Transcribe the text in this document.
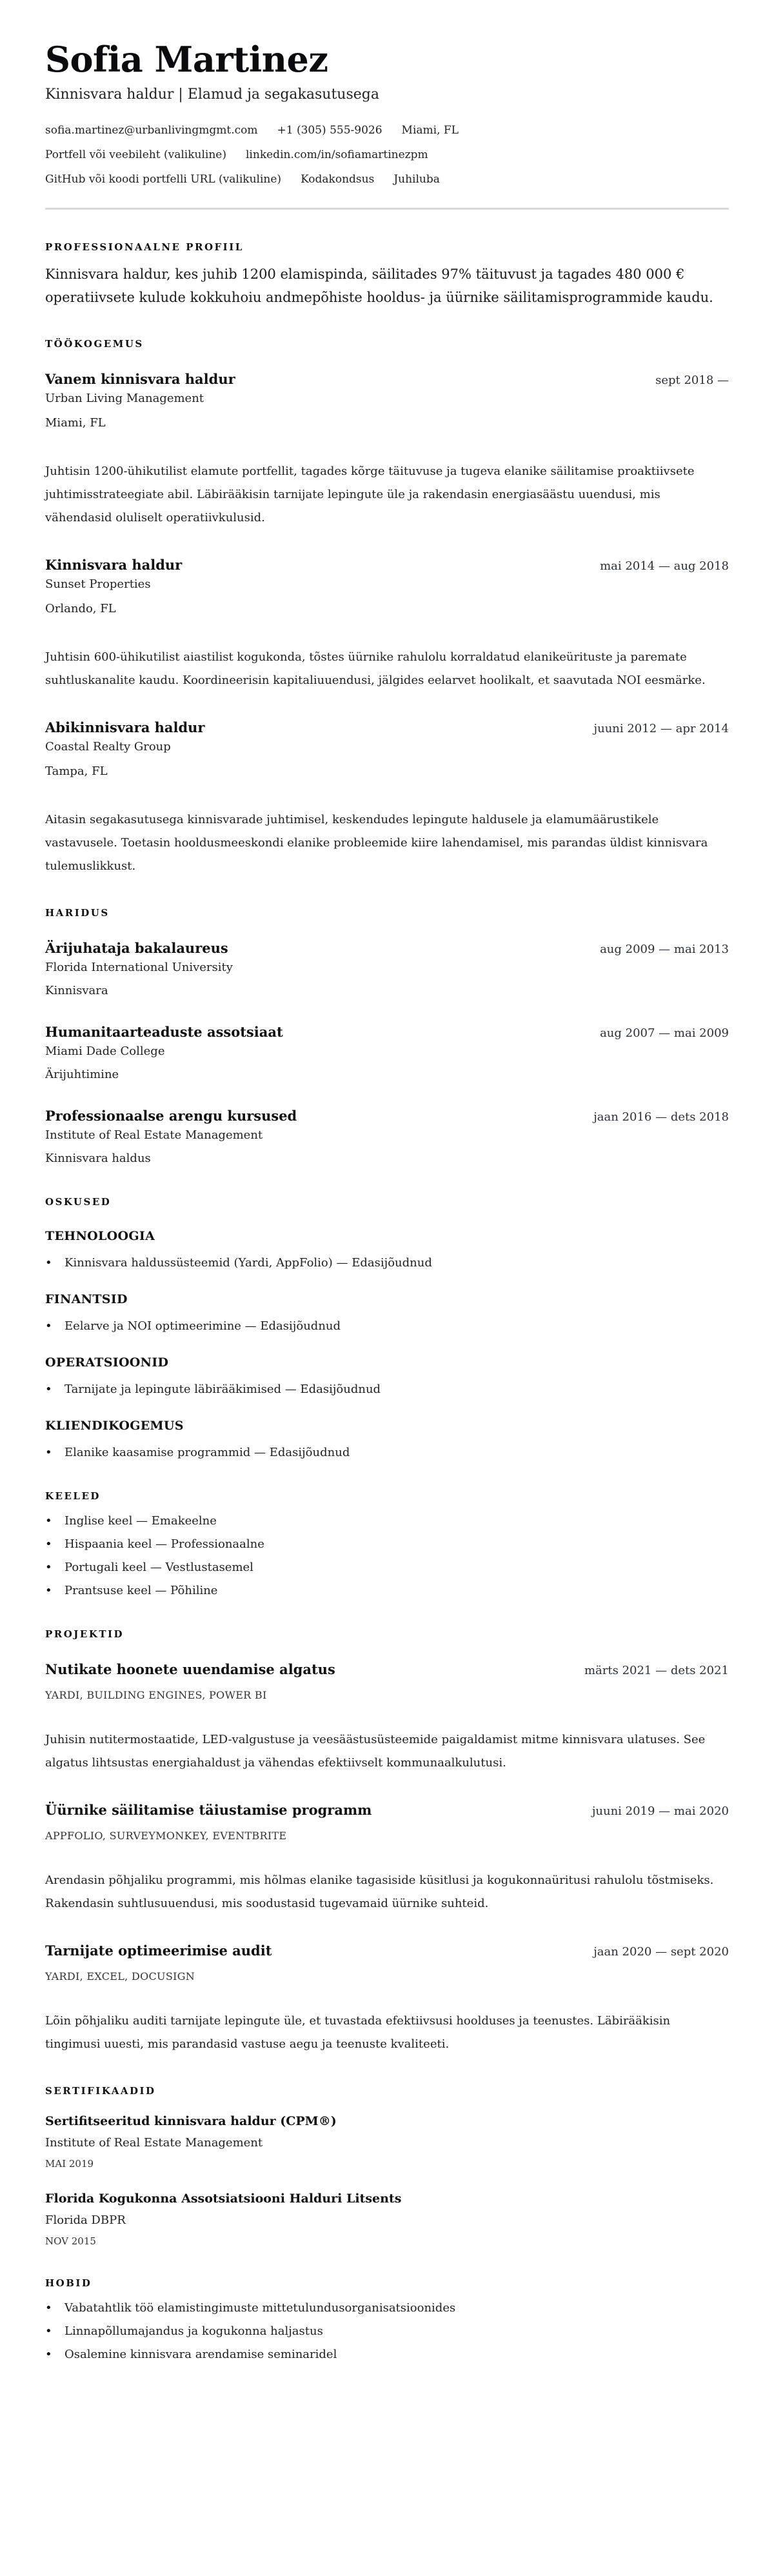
Sofia Martinez
Kinnisvara haldur | Elamud ja segakasutusega
sofia.martinez@urbanlivingmgmt.com +1 (305) 555-9026 Miami, FL
Portfell või veebileht (valikuline) linkedin.com/in/sofiamartinezpm
GitHub või koodi portfelli URL (valikuline) Kodakondsus Juhiluba
PROFESSIONAALNE PROFIIL

Kinnisvara haldur, kes juhib 1200 elamispinda, säilitades 97% täituvust ja tagades 480 000 € operatiivsete kulude kokkuhoiu andmepõhiste hooldus- ja üürnike säilitamisprogrammide kaudu.

TÖÖKOGEMUS
Vanem kinnisvara haldur	sept 2018 —
Urban Living Management
Miami, FL

Juhtisin 1200-ühikutilist elamute portfellit, tagades kõrge täituvuse ja tugeva elanike säilitamise proaktiivsete juhtimisstrateegiate abil. Läbirääkisin tarnijate lepingute üle ja rakendasin energiasäästu uuendusi, mis vähendasid oluliselt operatiivkulusid.

Kinnisvara haldur	mai 2014 — aug 2018
Sunset Properties
Orlando, FL

Juhtisin 600-ühikutilist aiastilist kogukonda, tõstes üürnike rahulolu korraldatud elanikeürituste ja paremate suhtluskanalite kaudu. Koordineerisin kapitaliuuendusi, jälgides eelarvet hoolikalt, et saavutada NOI eesmärke.

Abikinnisvara haldur	juuni 2012 — apr 2014
Coastal Realty Group
Tampa, FL

Aitasin segakasutusega kinnisvarade juhtimisel, keskendudes lepingute haldusele ja elamumäärustikele vastavusele. Toetasin hooldusmeeskondi elanike probleemide kiire lahendamisel, mis parandas üldist kinnisvara tulemuslikkust.

HARIDUS
Ärijuhataja bakalaureus	aug 2009 — mai 2013
Florida International University
Kinnisvara
Humanitaarteaduste assotsiaat	aug 2007 — mai 2009
Miami Dade College
Ärijuhtimine
Professionaalse arengu kursused	jaan 2016 — dets 2018
Institute of Real Estate Management
Kinnisvara haldus
OSKUSED
TEHNOLOOGIA
• Kinnisvara haldussüsteemid (Yardi, AppFolio) — Edasijõudnud
FINANTSID
• Eelarve ja NOI optimeerimine — Edasijõudnud
OPERATSIOONID
• Tarnijate ja lepingute läbirääkimised — Edasijõudnud
KLIENDIKOGEMUS
• Elanike kaasamise programmid — Edasijõudnud
KEELED
• Inglise keel — Emakeelne
• Hispaania keel — Professionaalne
• Portugali keel — Vestlustasemel
• Prantsuse keel — Põhiline
PROJEKTID
Nutikate hoonete uuendamise algatus	märts 2021 — dets 2021
YARDI, BUILDING ENGINES, POWER BI

Juhisin nutitermostaatide, LED-valgustuse ja veesäästusüsteemide paigaldamist mitme kinnisvara ulatuses. See algatus lihtsustas energiahaldust ja vähendas efektiivselt kommunaalkulutusi.

Üürnike säilitamise täiustamise programm	juuni 2019 — mai 2020
APPFOLIO, SURVEYMONKEY, EVENTBRITE

Arendasin põhjaliku programmi, mis hõlmas elanike tagasiside küsitlusi ja kogukonnaüritusi rahulolu tõstmiseks. Rakendasin suhtlusuuendusi, mis soodustasid tugevamaid üürnike suhteid.

Tarnijate optimeerimise audit	jaan 2020 — sept 2020
YARDI, EXCEL, DOCUSIGN

Lõin põhjaliku auditi tarnijate lepingute üle, et tuvastada efektiivsusi hoolduses ja teenustes. Läbirääkisin tingimusi uuesti, mis parandasid vastuse aegu ja teenuste kvaliteeti.

SERTIFIKAADID
Sertifitseeritud kinnisvara haldur (CPM®)
Institute of Real Estate Management
MAI 2019
Florida Kogukonna Assotsiatsiooni Halduri Litsents
Florida DBPR
NOV 2015
HOBID
• Vabatahtlik töö elamistingimuste mittetulundusorganisatsioonides
• Linnapõllumajandus ja kogukonna haljastus
• Osalemine kinnisvara arendamise seminaridel
